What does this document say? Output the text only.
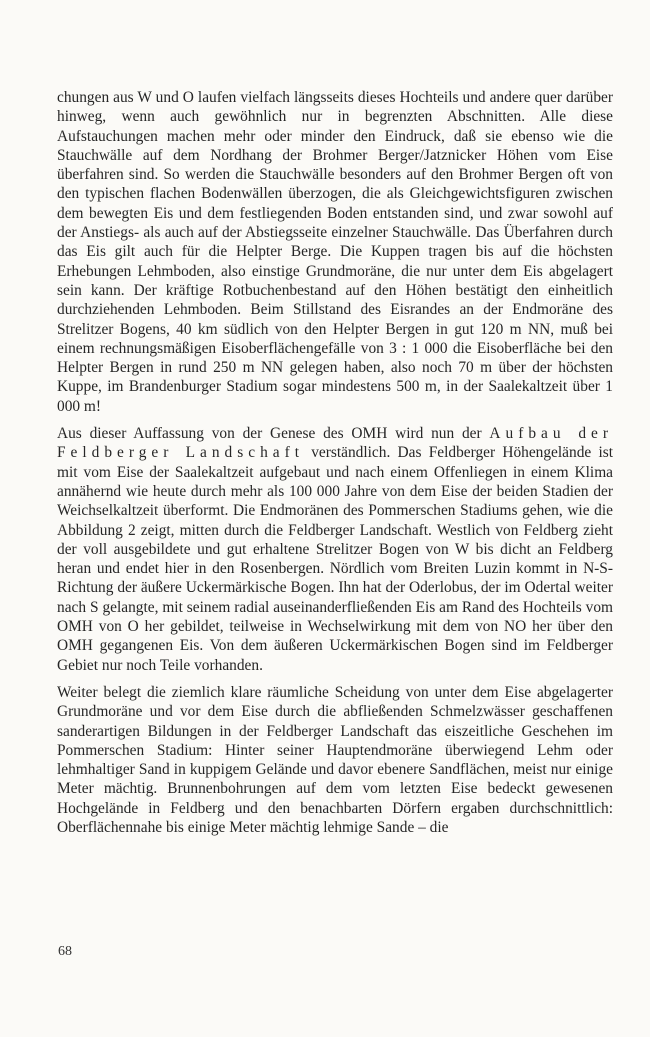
chungen aus W und O laufen vielfach längsseits dieses Hochteils und andere quer darüber hinweg, wenn auch gewöhnlich nur in begrenzten Abschnitten. Alle diese Aufstauchungen machen mehr oder minder den Eindruck, daß sie ebenso wie die Stauchwälle auf dem Nordhang der Brohmer Berger/Jatznicker Höhen vom Eise überfahren sind. So werden die Stauchwälle besonders auf den Brohmer Bergen oft von den typischen flachen Bodenwällen überzogen, die als Gleichgewichtsfiguren zwischen dem bewegten Eis und dem festliegenden Boden entstanden sind, und zwar sowohl auf der Anstiegs- als auch auf der Abstiegsseite einzelner Stauchwälle. Das Überfahren durch das Eis gilt auch für die Helpter Berge. Die Kuppen tragen bis auf die höchsten Erhebungen Lehmboden, also einstige Grundmoräne, die nur unter dem Eis abgelagert sein kann. Der kräftige Rotbuchenbestand auf den Höhen bestätigt den einheitlich durchziehenden Lehmboden. Beim Stillstand des Eisrandes an der Endmoräne des Strelitzer Bogens, 40 km südlich von den Helpter Bergen in gut 120 m NN, muß bei einem rechnungsmäßigen Eisoberflächengefälle von 3 : 1 000 die Eisoberfläche bei den Helpter Bergen in rund 250 m NN gelegen haben, also noch 70 m über der höchsten Kuppe, im Brandenburger Stadium sogar mindestens 500 m, in der Saalekaltzeit über 1 000 m!

Aus dieser Auffassung von der Genese des OMH wird nun der Aufbau der Feldberger Landschaft verständlich. Das Feldberger Höhengelände ist mit vom Eise der Saalekaltzeit aufgebaut und nach einem Offenliegen in einem Klima annähernd wie heute durch mehr als 100 000 Jahre von dem Eise der beiden Stadien der Weichselkaltzeit überformt. Die Endmoränen des Pommerschen Stadiums gehen, wie die Abbildung 2 zeigt, mitten durch die Feldberger Landschaft. Westlich von Feldberg zieht der voll ausgebildete und gut erhaltene Strelitzer Bogen von W bis dicht an Feldberg heran und endet hier in den Rosenbergen. Nördlich vom Breiten Luzin kommt in N-S-Richtung der äußere Uckermärkische Bogen. Ihn hat der Oderlobus, der im Odertal weiter nach S gelangte, mit seinem radial auseinanderfließenden Eis am Rand des Hochteils vom OMH von O her gebildet, teilweise in Wechselwirkung mit dem von NO her über den OMH gegangenen Eis. Von dem äußeren Uckermärkischen Bogen sind im Feldberger Gebiet nur noch Teile vorhanden.

Weiter belegt die ziemlich klare räumliche Scheidung von unter dem Eise abgelagerter Grundmoräne und vor dem Eise durch die abfließenden Schmelzwässer geschaffenen sanderartigen Bildungen in der Feldberger Landschaft das eiszeitliche Geschehen im Pommerschen Stadium: Hinter seiner Hauptendmoräne überwiegend Lehm oder lehmhaltiger Sand in kuppigem Gelände und davor ebenere Sandflächen, meist nur einige Meter mächtig. Brunnenbohrungen auf dem vom letzten Eise bedeckt gewesenen Hochgelände in Feldberg und den benachbarten Dörfern ergaben durchschnittlich: Oberflächennahe bis einige Meter mächtig lehmige Sande – die

68
